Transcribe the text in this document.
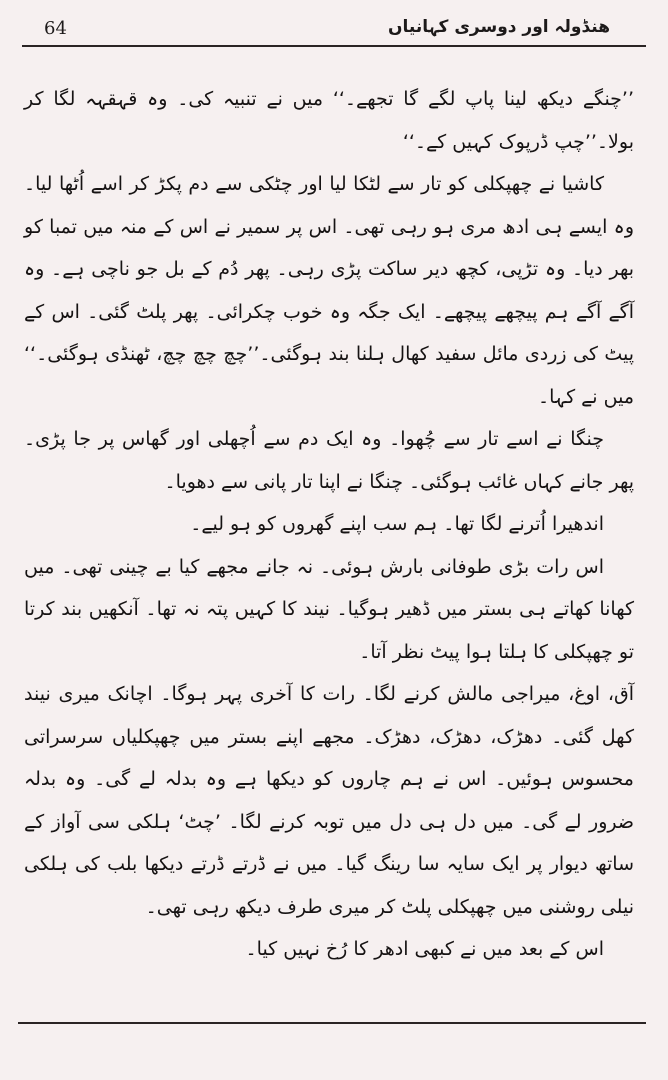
64	ھنڈولہ اور دوسری کہانیاں

’’چنگے دیکھ لینا پاپ لگے گا تجھے۔‘‘ میں نے تنبیہ کی۔ وہ قہقہہ لگا کر بولا۔’’چپ ڈرپوک کہیں کے۔‘‘

کاشیا نے چھپکلی کو تار سے لٹکا لیا اور چٹکی سے دم پکڑ کر اسے اُٹھا لیا۔ وہ ایسے ہی ادھ مری ہو رہی تھی۔ اس پر سمیر نے اس کے منہ میں تمبا کو بھر دیا۔ وہ تڑپی، کچھ دیر ساکت پڑی رہی۔ پھر دُم کے بل جو ناچی ہے۔ وہ آگے آگے ہم پیچھے پیچھے۔ ایک جگہ وہ خوب چکرائی۔ پھر پلٹ گئی۔ اس کے پیٹ کی زردی مائل سفید کھال ہلنا بند ہوگئی۔’’چچ چچ چچ، ٹھنڈی ہوگئی۔‘‘ میں نے کہا۔

چنگا نے اسے تار سے چُھوا۔ وہ ایک دم سے اُچھلی اور گھاس پر جا پڑی۔ پھر جانے کہاں غائب ہوگئی۔ چنگا نے اپنا تار پانی سے دھویا۔

اندھیرا اُترنے لگا تھا۔ ہم سب اپنے گھروں کو ہو لیے۔

اس رات بڑی طوفانی بارش ہوئی۔ نہ جانے مجھے کیا بے چینی تھی۔ میں کھانا کھاتے ہی بستر میں ڈھیر ہوگیا۔ نیند کا کہیں پتہ نہ تھا۔ آنکھیں بند کرتا تو چھپکلی کا ہلتا ہوا پیٹ نظر آتا۔

آق، اوغ، میراجی مالش کرنے لگا۔ رات کا آخری پہر ہوگا۔ اچانک میری نیند کھل گئی۔ دھڑک، دھڑک، دھڑک۔ مجھے اپنے بستر میں چھپکلیاں سرسراتی محسوس ہوئیں۔ اس نے ہم چاروں کو دیکھا ہے وہ بدلہ لے گی۔ وہ بدلہ ضرور لے گی۔ میں دل ہی دل میں توبہ کرنے لگا۔ ’چٹ‘ ہلکی سی آواز کے ساتھ دیوار پر ایک سایہ سا رینگ گیا۔ میں نے ڈرتے ڈرتے دیکھا بلب کی ہلکی نیلی روشنی میں چھپکلی پلٹ کر میری طرف دیکھ رہی تھی۔

اس کے بعد میں نے کبھی ادھر کا رُخ نہیں کیا۔
